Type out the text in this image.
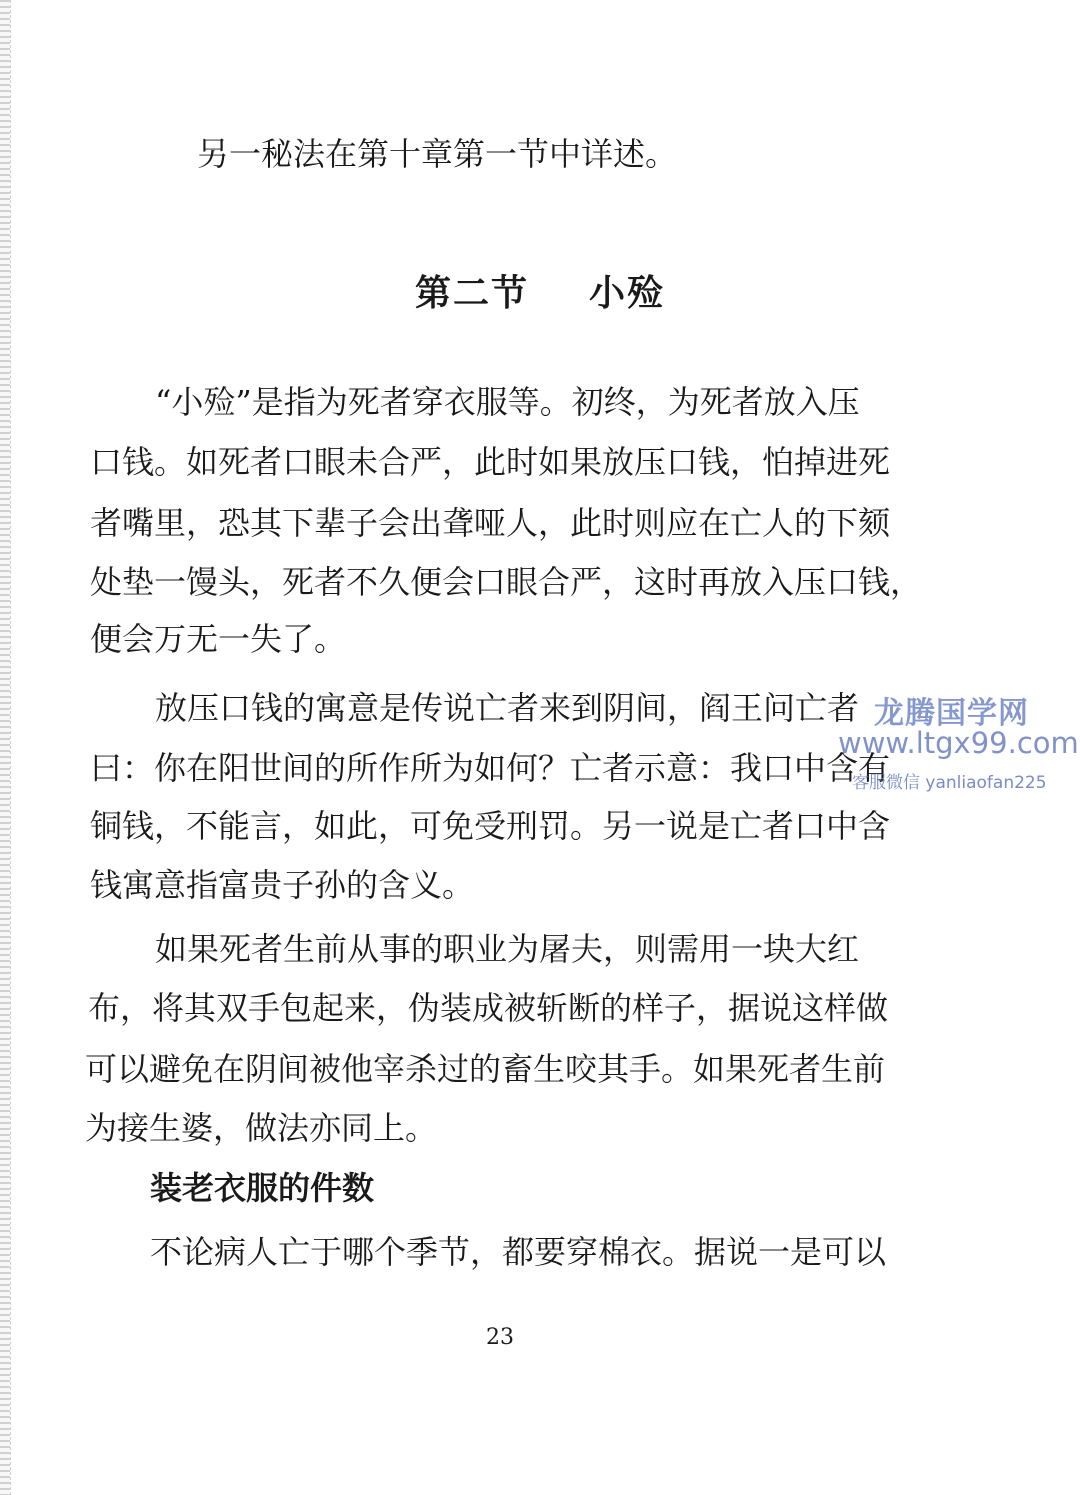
另一秘法在第十章第一节中详述。
第二节 小殓
“小殓”是指为死者穿衣服等。初终，为死者放入压
口钱。如死者口眼未合严，此时如果放压口钱，怕掉进死
者嘴里，恐其下辈子会出聋哑人，此时则应在亡人的下颏
处垫一馒头，死者不久便会口眼合严，这时再放入压口钱，
便会万无一失了。
放压口钱的寓意是传说亡者来到阴间，阎王问亡者
曰：你在阳世间的所作所为如何？亡者示意：我口中含有
铜钱，不能言，如此，可免受刑罚。另一说是亡者口中含
钱寓意指富贵子孙的含义。
如果死者生前从事的职业为屠夫，则需用一块大红
布，将其双手包起来，伪装成被斩断的样子，据说这样做
可以避免在阴间被他宰杀过的畜生咬其手。如果死者生前
为接生婆，做法亦同上。
装老衣服的件数
不论病人亡于哪个季节，都要穿棉衣。据说一是可以
23
龙腾国学网
www.ltgx99.com
客服微信 yanliaofan225
